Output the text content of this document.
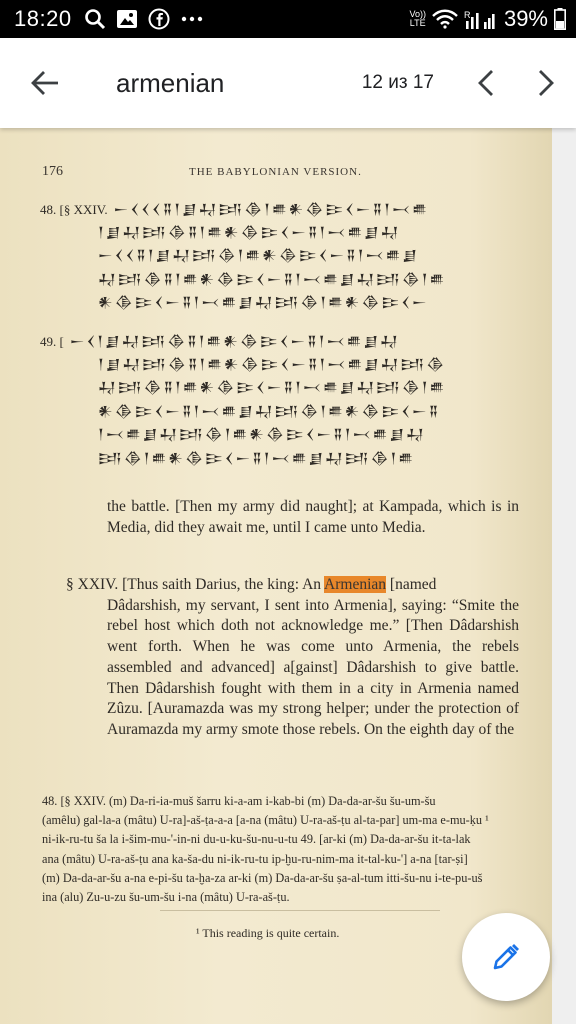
18:20	Vo))
LTE
R 39%
armenian	12 из 17
176	THE BABYLONIAN VERSION.
48. [§ XXIV. 𒀸𒌋𒌋𒌋𒐉𒁹𒋗𒄷𒅀𒆠𒁹𒌑𒀭𒆠𒄿𒌋𒀸𒐉𒁹𒁁𒌑
𒁹𒋗𒄷𒅀𒆠𒐉𒁹𒌑𒀭𒆠𒄿𒌋𒀸𒐉𒁹𒁁𒌑𒋗𒄷
𒀸𒌋𒌋𒐉𒁹𒋗𒄷𒅀𒆠𒁹𒌑𒀭𒆠𒄿𒌋𒀸𒐉𒁹𒁁𒌑𒋗
𒄷𒅀𒆠𒐉𒁹𒌑𒀭𒆠𒄿𒌋𒀸𒐉𒁹𒁁𒌑𒋗𒄷𒅀𒆠𒁹𒌑
𒀭𒆠𒄿𒌋𒀸𒐉𒁹𒁁𒌑𒋗𒄷𒅀𒆠𒁹𒌑𒀭𒆠𒄿𒌋𒀸
49. [ 𒀸𒌋𒁹𒋗𒄷𒅀𒆠𒐉𒁹𒌑𒀭𒆠𒄿𒌋𒀸𒐉𒁹𒁁𒌑𒋗𒄷
𒁹𒋗𒄷𒅀𒆠𒐉𒁹𒌑𒀭𒆠𒄿𒌋𒀸𒐉𒁹𒁁𒌑𒋗𒄷𒅀𒆠
𒄷𒅀𒆠𒐉𒁹𒌑𒀭𒆠𒄿𒌋𒀸𒐉𒁹𒁁𒌑𒋗𒄷𒅀𒆠𒁹𒌑
𒀭𒆠𒄿𒌋𒀸𒐉𒁹𒁁𒌑𒋗𒄷𒅀𒆠𒁹𒌑𒀭𒆠𒄿𒌋𒀸𒐉
𒁹𒁁𒌑𒋗𒄷𒅀𒆠𒁹𒌑𒀭𒆠𒄿𒌋𒀸𒐉𒁹𒁁𒌑𒋗𒄷
𒅀𒆠𒁹𒌑𒀭𒆠𒄿𒌋𒀸𒐉𒁹𒁁𒌑𒋗𒄷𒅀𒆠𒁹𒌑
the battle. [Then my army did naught]; at Kampada, which is in Media, did they await me, until I came unto Media.
§ XXIV. [Thus saith Darius, the king: An Armenian [named
Dâdarshish, my servant, I sent into Armenia], saying: “Smite the rebel host which doth not acknowledge me.” [Then Dâdarshish went forth. When he was come unto Armenia, the rebels assembled and advanced] a[gainst] Dâdarshish to give battle. Then Dâdarshish fought with them in a city in Armenia named Zûzu. [Auramazda was my strong helper; under the protection of Auramazda my army smote those rebels. On the eighth day of the
48. [§ XXIV. (m) Da-ri-ia-muš šarru ki-a-am i-kab-bi (m) Da-da-ar-šu šu-um-šu
(amêlu) gal-la-a (mâtu) U-ra]-aš-ṭa-a-a [a-na (mâtu) U-ra-aš-ṭu al-ta-par] um-ma e-mu-ḳu ¹
ni-ik-ru-tu ša la i-šim-mu-'-in-ni du-u-ku-šu-nu-u-tu 49. [ar-ki (m) Da-da-ar-šu it-ta-lak
ana (mâtu) U-ra-aš-ṭu ana ka-ša-du ni-ik-ru-tu ip-ḫu-ru-nim-ma it-tal-ku-'] a-na [tar-ṣi]
(m) Da-da-ar-šu a-na e-pi-šu ta-ḫa-za ar-ki (m) Da-da-ar-šu ṣa-al-tum itti-šu-nu i-te-pu-uš
ina (alu) Zu-u-zu šu-um-šu i-na (mâtu) U-ra-aš-ṭu.
¹ This reading is quite certain.
